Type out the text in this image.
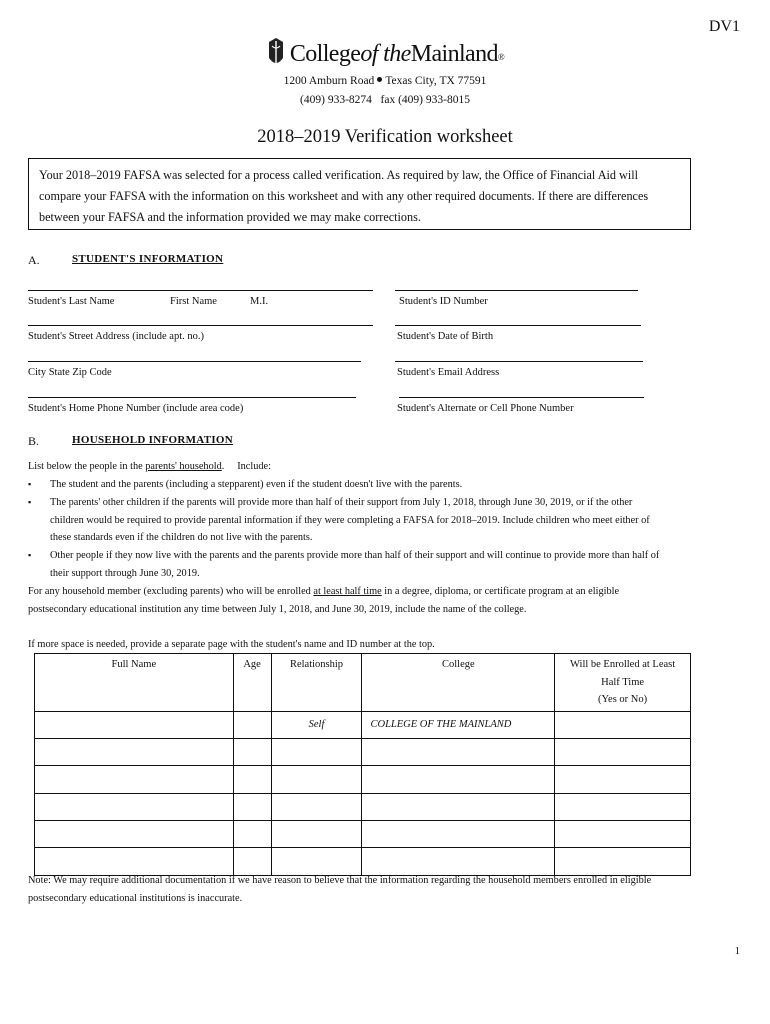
DV1
Collegeof theMainland®
1200 Amburn Road Texas City, TX 77591
(409) 933-8274 fax (409) 933-8015
2018–2019 Verification worksheet
Your 2018–2019 FAFSA was selected for a process called verification. As required by law, the Office of Financial Aid will compare your FAFSA with the information on this worksheet and with any other required documents. If there are differences between your FAFSA and the information provided we may make corrections.
A.	STUDENT'S INFORMATION
Student's Last Name	First Name	M.I.	Student's ID Number
Student's Street Address (include apt. no.)	Student's Date of Birth
City State Zip Code	Student's Email Address
Student's Home Phone Number (include area code)	Student's Alternate or Cell Phone Number
B.	HOUSEHOLD INFORMATION
List below the people in the parents' household. Include:
▪ The student and the parents (including a stepparent) even if the student doesn't live with the parents.
▪ The parents' other children if the parents will provide more than half of their support from July 1, 2018, through June 30, 2019, or if the other
children would be required to provide parental information if they were completing a FAFSA for 2018–2019. Include children who meet either of
these standards even if the children do not live with the parents.
▪ Other people if they now live with the parents and the parents provide more than half of their support and will continue to provide more than half of
their support through June 30, 2019.
For any household member (excluding parents) who will be enrolled at least half time in a degree, diploma, or certificate program at an eligible
postsecondary educational institution any time between July 1, 2018, and June 30, 2019, include the name of the college.
If more space is needed, provide a separate page with the student's name and ID number at the top.
Full Name	Age	Relationship	College	Will be Enrolled at Least
Half Time
(Yes or No)
		Self	COLLEGE OF THE MAINLAND	

Note: We may require additional documentation if we have reason to believe that the information regarding the household members enrolled in eligible
postsecondary educational institutions is inaccurate.
1
